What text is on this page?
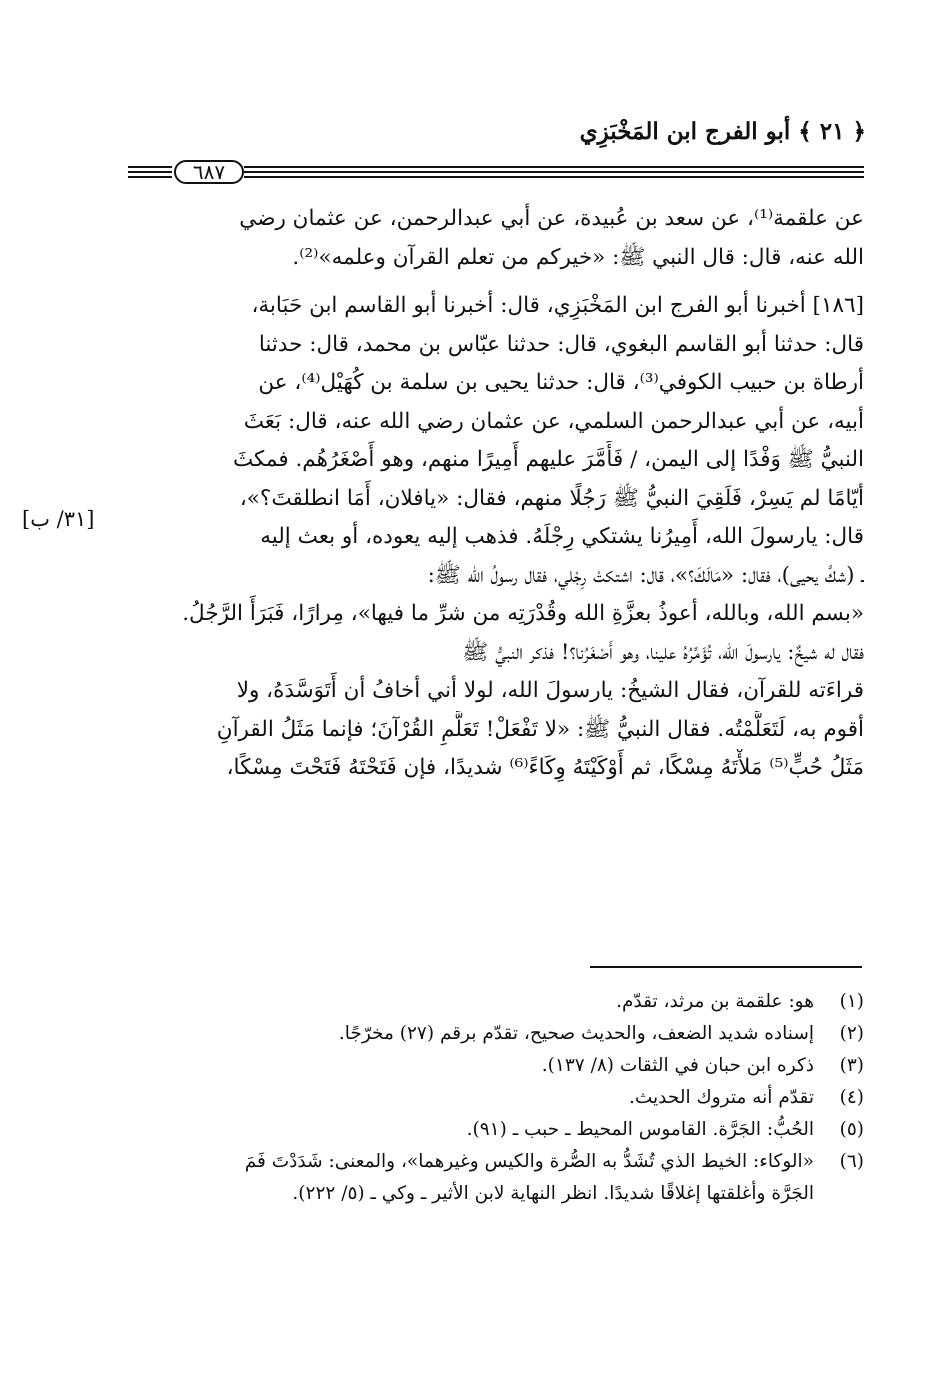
﴿ ٢١ ﴾ أبو الفرج ابن المَخْبَزِي
٦٨٧
[٣١/ ب]

عن علقمة⁽¹⁾، عن سعد بن عُبيدة، عن أبي عبدالرحمن، عن عثمان رضي
الله عنه، قال: قال النبي ﷺ: «خيركم من تعلم القرآن وعلمه»⁽²⁾.

[١٨٦] أخبرنا أبو الفرج ابن المَخْبَزِي، قال: أخبرنا أبو القاسم ابن حَبَابة،
قال: حدثنا أبو القاسم البغوي، قال: حدثنا عبّاس بن محمد، قال: حدثنا
أرطاة بن حبيب الكوفي⁽³⁾، قال: حدثنا يحيى بن سلمة بن كُهَيْل⁽⁴⁾، عن
أبيه، عن أبي عبدالرحمن السلمي، عن عثمان رضي الله عنه، قال: بَعَثَ
النبيُّ ﷺ وَفْدًا إلى اليمن، / فَأَمَّرَ عليهم أَمِيرًا منهم، وهو أَصْغَرُهُم. فمكثَ
أيّامًا لم يَسِرْ، فَلَقِيَ النبيُّ ﷺ رَجُلًا منهم، فقال: «يافلان، أَمَا انطلقتَ؟»،
قال: يارسولَ الله، أَمِيرُنا يشتكي رِجْلَهُ. فذهب إليه يعوده، أو بعث إليه
ـ (شكَّ يحيى)، فقال: «مَالَكَ؟»، قال: اشتكتْ رِجْلي، فقال رسولُ الله ﷺ:
«بسم الله، وبالله، أعوذُ بعزَّةِ الله وقُدْرَتِه من شرِّ ما فيها»، مِرارًا، فَبَرَأَ الرَّجُلُ.
فقال له شيخٌ: يارسولَ الله، تُؤَمِّرُهُ علينا، وهو أَصْغَرُنا؟! فذكر النبيُّ ﷺ
قراءَته للقرآن، فقال الشيخُ: يارسولَ الله، لولا أني أخافُ أن أَتَوَسَّدَهُ، ولا
أقوم به، لَتَعَلَّمْتُه. فقال النبيُّ ﷺ: «لا تَفْعَلْ! تَعَلَّمِ القُرْآنَ؛ فإنما مَثَلُ القرآنِ
مَثَلُ حُبٍّ⁽⁵⁾ مَلأْتَهُ مِسْكًا، ثم أَوْكَيْتَهُ وِكَاءً⁽⁶⁾ شديدًا، فإن فَتَحْتَهُ فَتَحْتَ مِسْكًا،

(١)
هو: علقمة بن مرثد، تقدّم.
(٢)
إسناده شديد الضعف، والحديث صحيح، تقدّم برقم (٢٧) مخرّجًا.
(٣)
ذكره ابن حبان في الثقات (٨/ ١٣٧).
(٤)
تقدّم أنه متروك الحديث.
(٥)
الحُبُّ: الجَرَّة. القاموس المحيط ـ حبب ـ (٩١).
(٦)
«الوكاء: الخيط الذي تُشَدُّ به الصُّرة والكيس وغيرهما»، والمعنى: شَدَدْتَ فَمَ
الجَرَّة وأغلقتها إغلاقًا شديدًا. انظر النهاية لابن الأثير ـ وكي ـ (٥/ ٢٢٢).
